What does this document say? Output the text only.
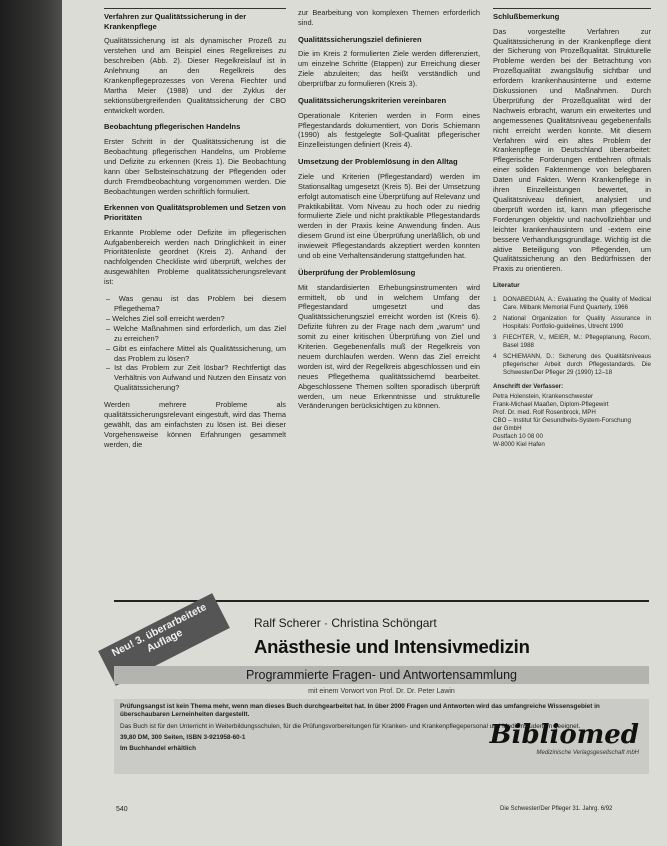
Verfahren zur Qualitätssicherung in der Krankenpflege

Qualitätssicherung ist als dynamischer Prozeß zu verstehen und am Beispiel eines Regelkreises zu beschreiben (Abb. 2). Dieser Regelkreislauf ist in Anlehnung an den Regelkreis des Krankenpflegeprozesses von Verena Fiechter und Martha Meier (1988) und der Zyklus der sektionsübergreifenden Qualitätssicherung der CBO entwickelt worden.

Beobachtung pflegerischen Handelns

Erster Schritt in der Qualitätssicherung ist die Beobachtung pflegerischen Handelns, um Probleme und Defizite zu erkennen (Kreis 1). Die Beobachtung kann über Selbsteinschätzung der Pflegenden oder durch Fremdbeobachtung vorgenommen werden. Die Beobachtungen werden schriftlich formuliert.

Erkennen von Qualitätsproblemen und Setzen von Prioritäten

Erkannte Probleme oder Defizite im pflegerischen Aufgabenbereich werden nach Dringlichkeit in einer Prioritätenliste geordnet (Kreis 2). Anhand der nachfolgenden Checkliste wird überprüft, welches der ausgewählten Probleme qualitätssicherungsrelevant ist:

– Was genau ist das Problem bei diesem Pflegethema?
– Welches Ziel soll erreicht werden?
– Welche Maßnahmen sind erforderlich, um das Ziel zu erreichen?
– Gibt es einfachere Mittel als Qualitätssicherung, um das Problem zu lösen?
– Ist das Problem zur Zeit lösbar? Rechtfertigt das Verhältnis von Aufwand und Nutzen den Einsatz von Qualitätssicherung?

Werden mehrere Probleme als qualitätssicherungsrelevant eingestuft, wird das Thema gewählt, das am einfachsten zu lösen ist. Bei dieser Vorgehensweise können Erfahrungen gesammelt werden, die

zur Bearbeitung von komplexen Themen erforderlich sind.

Qualitätssicherungsziel definieren

Die im Kreis 2 formulierten Ziele werden differenziert, um einzelne Schritte (Etappen) zur Erreichung dieser Ziele abzuleiten; das heißt verständlich und überprüfbar zu formulieren (Kreis 3).

Qualitätssicherungskriterien vereinbaren

Operationale Kriterien werden in Form eines Pflegestandards dokumentiert, von Doris Schiemann (1990) als festgelegte Soll-Qualität pflegerischer Einzelleistungen definiert (Kreis 4).

Umsetzung der Problemlösung in den Alltag

Ziele und Kriterien (Pflegestandard) werden im Stationsalltag umgesetzt (Kreis 5). Bei der Umsetzung erfolgt automatisch eine Überprüfung auf Relevanz und Praktikabilität. Vom Niveau zu hoch oder zu niedrig formulierte Ziele und nicht praktikable Pflegestandards werden in der Praxis keine Anwendung finden. Aus diesem Grund ist eine Überprüfung unerläßlich, ob und inwieweit Pflegestandards akzeptiert werden konnten und ob eine Verhaltensänderung stattgefunden hat.

Überprüfung der Problemlösung

Mit standardisierten Erhebungsinstrumenten wird ermittelt, ob und in welchem Umfang der Pflegestandard umgesetzt und das Qualitätssicherungsziel erreicht worden ist (Kreis 6). Defizite führen zu der Frage nach dem „warum“ und somit zu einer kritischen Überprüfung von Ziel und Kriterien. Gegebenenfalls muß der Regelkreis von neuem durchlaufen werden. Wenn das Ziel erreicht worden ist, wird der Regelkreis abgeschlossen und ein neues Pflegethema qualitätssichernd bearbeitet. Abgeschlossene Themen sollten sporadisch überprüft werden, um neue Erkenntnisse und strukturelle Veränderungen berücksichtigen zu können.

Schlußbemerkung

Das vorgestellte Verfahren zur Qualitätssicherung in der Krankenpflege dient der Sicherung von Prozeßqualität. Strukturelle Probleme werden bei der Betrachtung von Prozeßqualität zwangsläufig sichtbar und erfordern krankenhausinterne und externe Diskussionen und Maßnahmen. Durch Überprüfung der Prozeßqualität wird der Nachweis erbracht, warum ein erweitertes und angemessenes Qualitätsniveau gegebenenfalls nicht erreicht werden konnte. Mit diesem Verfahren wird ein altes Problem der Krankenpflege in Deutschland überarbeitet: Pflegerische Forderungen entbehren oftmals einer soliden Faktenmenge von belegbaren Daten und Fakten. Wenn Krankenpflege in ihren Einzelleistungen bewertet, in Qualitätsniveau definiert, analysiert und überprüft worden ist, kann man pflegerische Forderungen objektiv und nachvollziehbar und leichter krankenhausintern und -extern eine bessere Verhandlungsgrundlage. Wichtig ist die aktive Beteiligung von Pflegenden, um Qualitätssicherung an den Bedürfnissen der Praxis zu orientieren.

Literatur
1 DONABEDIAN, A.: Evaluating the Quality of Medical Care. Milbank Memorial Fund Quarterly, 1966
2 National Organization for Quality Assurance in Hospitals: Portfolio-guidelines, Utrecht 1990
3 FIECHTER, V., MEIER, M.: Pflegeplanung, Recom, Basel 1988
4 SCHIEMANN, D.: Sicherung des Qualitätsniveaus pflegerischer Arbeit durch Pflegestandards. Die Schwester/Der Pfleger 29 (1990) 12–18
Anschrift der Verfasser:
Petra Holenstein, Krankenschwester
Frank-Michael Maaßen, Diplom-Pflegewirt
Prof. Dr. med. Rolf Rosenbrock, MPH
CBO – Institut für Gesundheits-System-Forschung
der GmbH
Postfach 10 08 00
W-8000 Kiel Hafen
Neu! 3. überarbeitete Auflage
Ralf Scherer · Christina Schöngart
Anästhesie und Intensivmedizin
Programmierte Fragen- und Antwortensammlung
mit einem Vorwort von Prof. Dr. Dr. Peter Lawin

Prüfungsangst ist kein Thema mehr, wenn man dieses Buch durchgearbeitet hat. In über 2000 Fragen und Antworten wird das umfangreiche Wissensgebiet in überschaubaren Lerneinheiten dargestellt.

Das Buch ist für den Unterricht in Weiterbildungsschulen, für die Prüfungsvorbereitungen für Kranken- und Krankenpflegepersonal und Medizinstudenten geeignet.

39,80 DM, 300 Seiten, ISBN 3-921958-60-1

Im Buchhandel erhältlich	Bibliomed
Medizinische Verlagsgesellschaft mbH
540	Die Schwester/Der Pfleger 31. Jahrg. 6/92
